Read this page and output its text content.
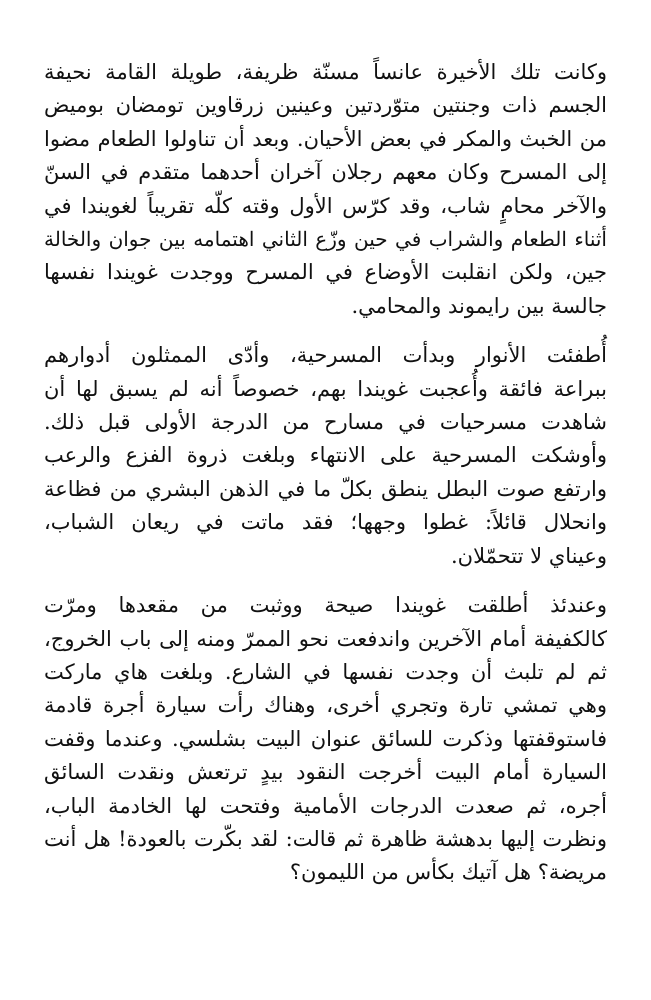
وكانت تلك الأخيرة عانساً مسنّة ظريفة، طويلة القامة نحيفة
الجسم ذات وجنتين متوّردتين وعينين زرقاوين تومضان بوميض
من الخبث والمكر في بعض الأحيان. وبعد أن تناولوا الطعام مضوا
إلى المسرح وكان معهم رجلان آخران أحدهما متقدم في السنّ
والآخر محامٍ شاب، وقد كرّس الأول وقته كلّه تقريباً لغويندا في
أثناء الطعام والشراب في حين وزّع الثاني اهتمامه بين جوان والخالة
جين، ولكن انقلبت الأوضاع في المسرح ووجدت غويندا نفسها
جالسة بين رايموند والمحامي.

أُطفئت الأنوار وبدأت المسرحية، وأدّى الممثلون أدوارهم
ببراعة فائقة وأُعجبت غويندا بهم، خصوصاً أنه لم يسبق لها أن
شاهدت مسرحيات في مسارح من الدرجة الأولى قبل ذلك.
وأوشكت المسرحية على الانتهاء وبلغت ذروة الفزع والرعب
وارتفع صوت البطل ينطق بكلّ ما في الذهن البشري من فظاعة
وانحلال قائلاً: غطوا وجهها؛ فقد ماتت في ريعان الشباب،
وعيناي لا تتحمّلان.

وعندئذ أطلقت غويندا صيحة ووثبت من مقعدها ومرّت
كالكفيفة أمام الآخرين واندفعت نحو الممرّ ومنه إلى باب الخروج،
ثم لم تلبث أن وجدت نفسها في الشارع. وبلغت هاي ماركت
وهي تمشي تارة وتجري أخرى، وهناك رأت سيارة أجرة قادمة
فاستوقفتها وذكرت للسائق عنوان البيت بشلسي. وعندما وقفت
السيارة أمام البيت أخرجت النقود بيدٍ ترتعش ونقدت السائق
أجره، ثم صعدت الدرجات الأمامية وفتحت لها الخادمة الباب،
ونظرت إليها بدهشة ظاهرة ثم قالت: لقد بكّرت بالعودة! هل أنت
مريضة؟ هل آتيك بكأس من الليمون؟
